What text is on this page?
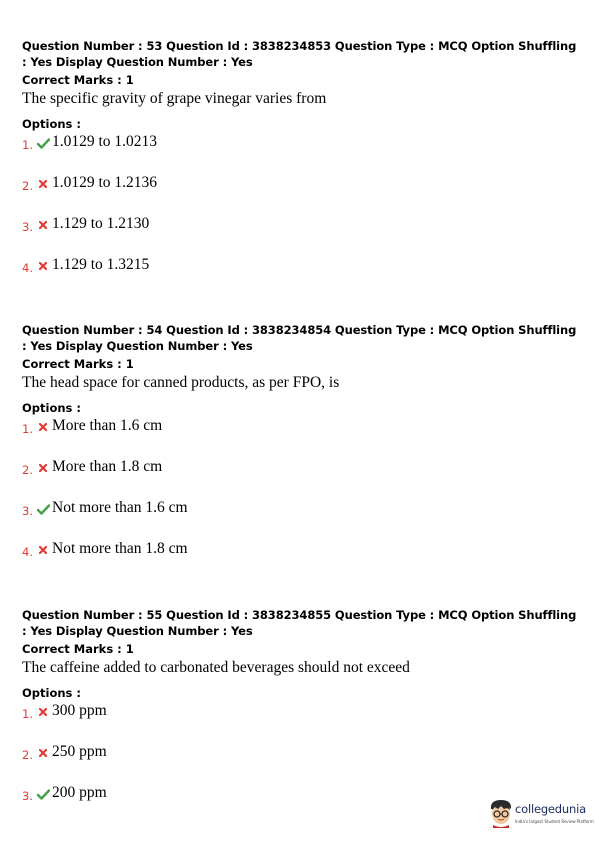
Question Number : 53 Question Id : 3838234853 Question Type : MCQ Option Shuffling : Yes Display Question Number : Yes
Correct Marks : 1
The specific gravity of grape vinegar varies from
Options :
1. 1.0129 to 1.0213
2. 1.0129 to 1.2136
3. 1.129 to 1.2130
4. 1.129 to 1.3215
Question Number : 54 Question Id : 3838234854 Question Type : MCQ Option Shuffling : Yes Display Question Number : Yes
Correct Marks : 1
The head space for canned products, as per FPO, is
Options :
1. More than 1.6 cm
2. More than 1.8 cm
3. Not more than 1.6 cm
4. Not more than 1.8 cm
Question Number : 55 Question Id : 3838234855 Question Type : MCQ Option Shuffling : Yes Display Question Number : Yes
Correct Marks : 1
The caffeine added to carbonated beverages should not exceed
Options :
1. 300 ppm
2. 250 ppm
3. 200 ppm
collegedunia
India's largest Student Review Platform
